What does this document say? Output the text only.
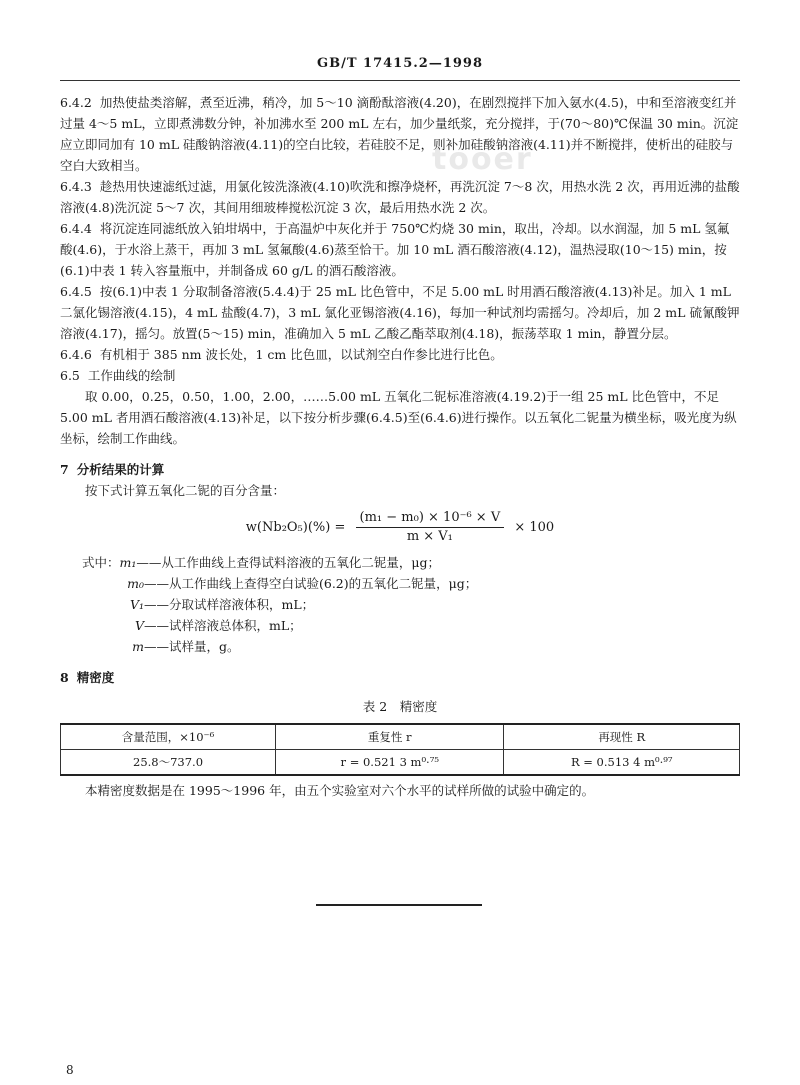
GB/T 17415.2—1998
tooer

6.4.2 加热使盐类溶解，煮至近沸，稍冷，加 5～10 滴酚酞溶液(4.20)，在剧烈搅拌下加入氨水(4.5)，中和至溶液变红并过量 4～5 mL，立即煮沸数分钟，补加沸水至 200 mL 左右，加少量纸浆，充分搅拌，于(70～80)℃保温 30 min。沉淀应立即同加有 10 mL 硅酸钠溶液(4.11)的空白比较，若硅胶不足，则补加硅酸钠溶液(4.11)并不断搅拌，使析出的硅胶与空白大致相当。

6.4.3 趁热用快速滤纸过滤，用氯化铵洗涤液(4.10)吹洗和擦净烧杯，再洗沉淀 7～8 次，用热水洗 2 次，再用近沸的盐酸溶液(4.8)洗沉淀 5～7 次，其间用细玻棒搅松沉淀 3 次，最后用热水洗 2 次。

6.4.4 将沉淀连同滤纸放入铂坩埚中，于高温炉中灰化并于 750℃灼烧 30 min，取出，冷却。以水润湿，加 5 mL 氢氟酸(4.6)，于水浴上蒸干，再加 3 mL 氢氟酸(4.6)蒸至恰干。加 10 mL 酒石酸溶液(4.12)，温热浸取(10～15) min，按(6.1)中表 1 转入容量瓶中，并制备成 60 g/L 的酒石酸溶液。

6.4.5 按(6.1)中表 1 分取制备溶液(5.4.4)于 25 mL 比色管中，不足 5.00 mL 时用酒石酸溶液(4.13)补足。加入 1 mL 二氯化锡溶液(4.15)，4 mL 盐酸(4.7)，3 mL 氯化亚锡溶液(4.16)，每加一种试剂均需摇匀。冷却后，加 2 mL 硫氰酸钾溶液(4.17)，摇匀。放置(5～15) min，准确加入 5 mL 乙酸乙酯萃取剂(4.18)，振荡萃取 1 min，静置分层。

6.4.6 有机相于 385 nm 波长处，1 cm 比色皿，以试剂空白作参比进行比色。

6.5 工作曲线的绘制

取 0.00，0.25，0.50，1.00，2.00，……5.00 mL 五氧化二铌标准溶液(4.19.2)于一组 25 mL 比色管中，不足 5.00 mL 者用酒石酸溶液(4.13)补足，以下按分析步骤(6.4.5)至(6.4.6)进行操作。以五氧化二铌量为横坐标，吸光度为纵坐标，绘制工作曲线。

7 分析结果的计算

按下式计算五氧化二铌的百分含量：

$w(Nb_2O_5)(\%) = \frac{\text{(m₁ − m₀) × 10⁻⁶ × V}}{\text{m × V₁}} \times 100$

式中： m₁ ——从工作曲线上查得试料溶液的五氧化二铌量，μg；
m₀ ——从工作曲线上查得空白试验(6.2)的五氧化二铌量，μg；
V₁ ——分取试样溶液体积，mL；
V ——试样溶液总体积，mL；
m ——试样量，g。

8 精密度

表 2　精密度

含量范围，×10⁻⁶	重复性 r	再现性 R
25.8～737.0	r = 0.521 3 m⁰·⁷⁵	R = 0.513 4 m⁰·⁹⁷

本精密度数据是在 1995～1996 年，由五个实验室对六个水平的试样所做的试验中确定的。

8
